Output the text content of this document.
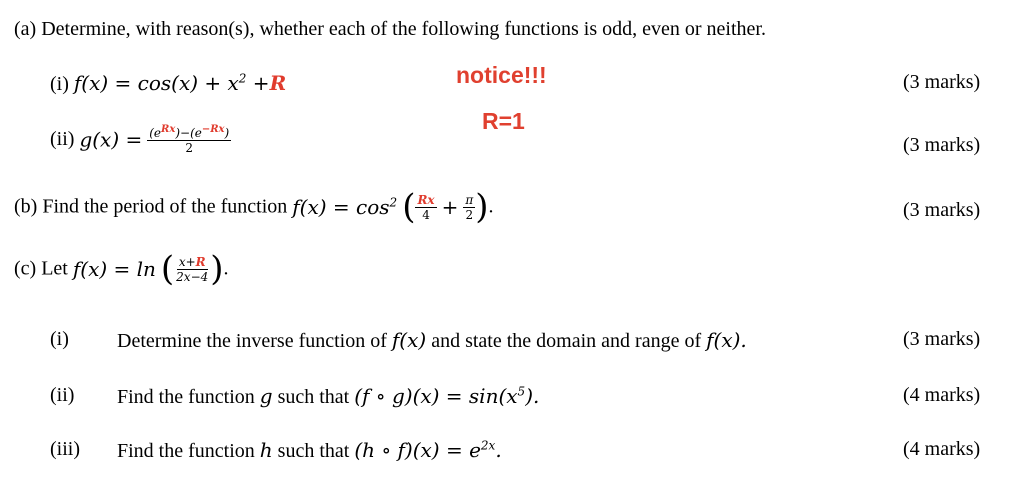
(a) Determine, with reason(s), whether each of the following functions is odd, even or neither.
(i) $f(x) = \cos(x) + x^2 +R$	(3 marks)
notice!!!
R=1
(ii) $g(x) = \frac{(e^{Rx})-(e^{-Rx})}{2}$	(3 marks)
(b) Find the period of the function $f(x) = \cos^2$ ( $\frac{Rx}{4} + \frac{\pi}{2}$ ).	(3 marks)
(c) Let f(x) = ln ( $\frac{x+R}{2x-4}$ ).
(i) Determine the inverse function of f(x) and state the domain and range of f(x).	(3 marks)
(ii) Find the function g such that (f ∘ $g)(x) = \sin(x^5)$.	(4 marks)
(iii) Find the function h such that (h ∘ $f)(x) = e^{2x}$.	(4 marks)
